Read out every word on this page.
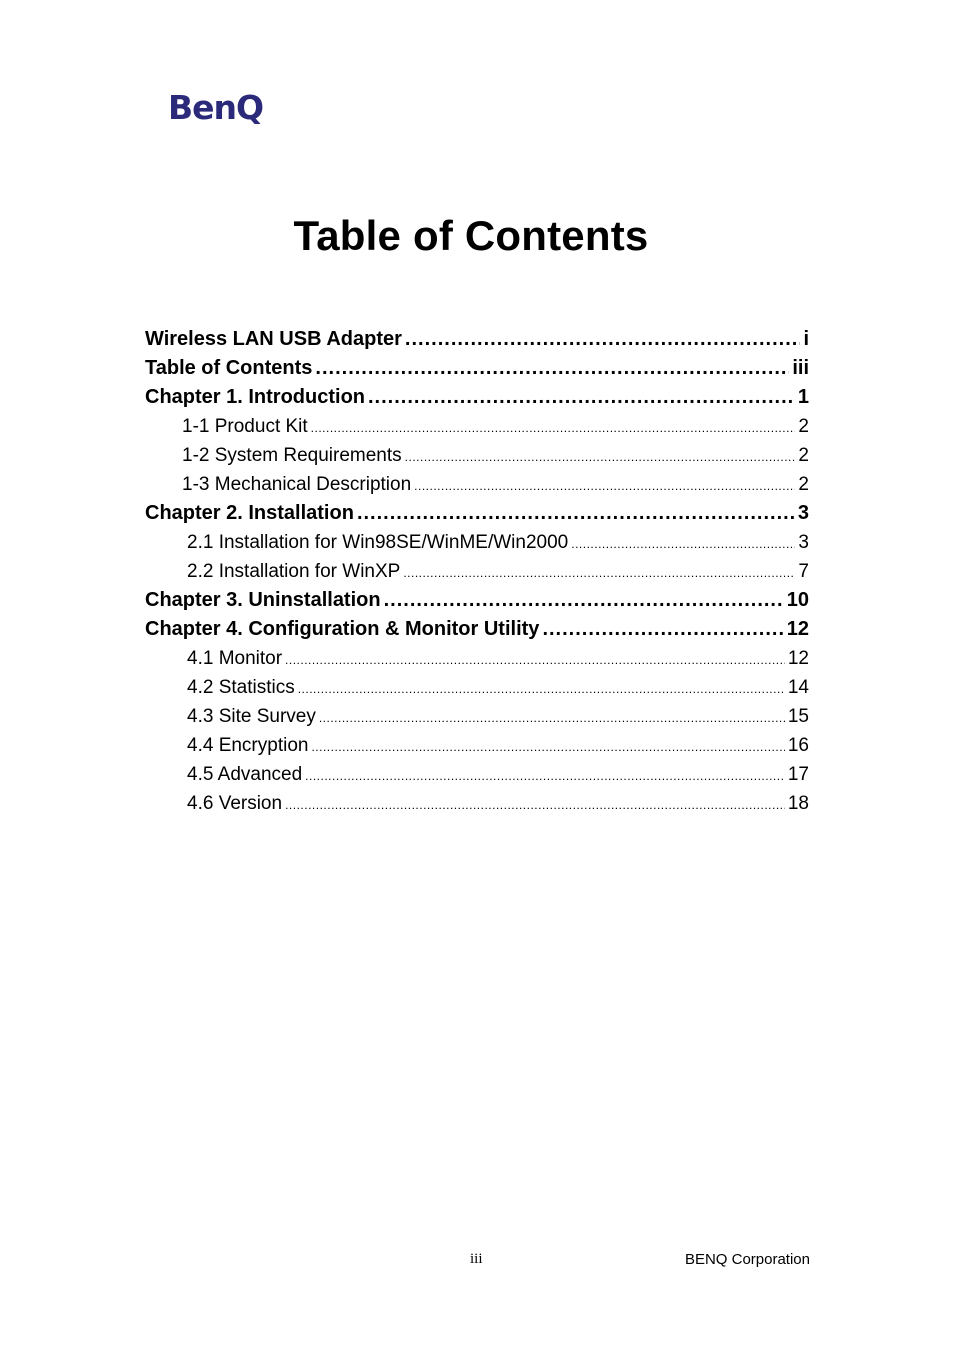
BenQ
Table of Contents
Wireless LAN USB Adapter .....	i
Table of Contents .....	iii
Chapter 1. Introduction .....	1
1-1 Product Kit .....	2
1-2 System Requirements .....	2
1-3 Mechanical Description .....	2
Chapter 2. Installation .....	3
2.1 Installation for Win98SE/WinME/Win2000 .....	3
2.2 Installation for WinXP .....	7
Chapter 3. Uninstallation .....	10
Chapter 4. Configuration & Monitor Utility .....	12
4.1 Monitor .....	12
4.2 Statistics .....	14
4.3 Site Survey .....	15
4.4 Encryption .....	16
4.5 Advanced .....	17
4.6 Version .....	18
iii	BENQ Corporation
